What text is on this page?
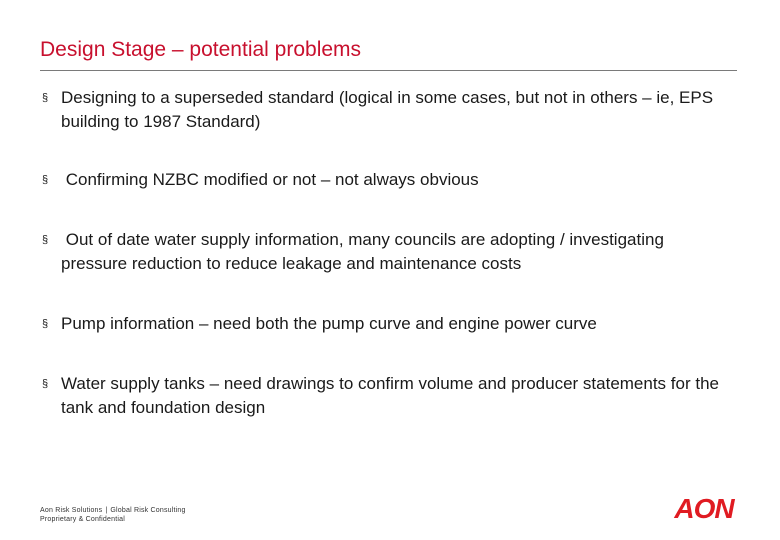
Design Stage – potential problems
§ Designing to a superseded standard (logical in some cases, but not in others – ie, EPS building to 1987 Standard)
§ Confirming NZBC modified or not – not always obvious
§ Out of date water supply information, many councils are adopting / investigating pressure reduction to reduce leakage and maintenance costs
§ Pump information – need both the pump curve and engine power curve
§ Water supply tanks – need drawings to confirm volume and producer statements for the tank and foundation design
Aon Risk Solutions | Global Risk Consulting
Proprietary & Confidential	AON
